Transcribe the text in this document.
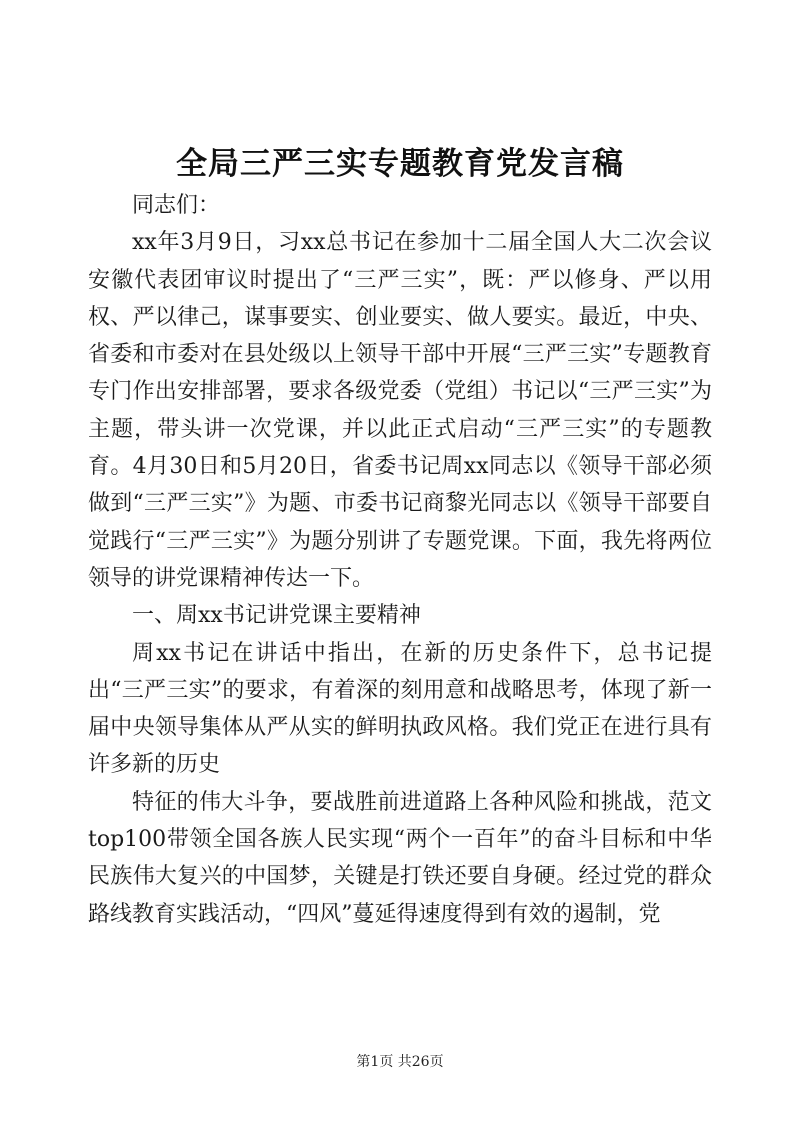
全局三严三实专题教育党发言稿

同志们：

xx年3月9日，习xx总书记在参加十二届全国人大二次会议安徽代表团审议时提出了“三严三实”，既：严以修身、严以用权、严以律己，谋事要实、创业要实、做人要实。最近，中央、省委和市委对在县处级以上领导干部中开展“三严三实”专题教育专门作出安排部署，要求各级党委（党组）书记以“三严三实”为主题，带头讲一次党课，并以此正式启动“三严三实”的专题教育。4月30日和5月20日，省委书记周xx同志以《领导干部必须做到“三严三实”》为题、市委书记商黎光同志以《领导干部要自觉践行“三严三实”》为题分别讲了专题党课。下面，我先将两位领导的讲党课精神传达一下。

一、周xx书记讲党课主要精神

周xx书记在讲话中指出，在新的历史条件下，总书记提出“三严三实”的要求，有着深的刻用意和战略思考，体现了新一届中央领导集体从严从实的鲜明执政风格。我们党正在进行具有许多新的历史

特征的伟大斗争，要战胜前进道路上各种风险和挑战，范文top100带领全国各族人民实现“两个一百年”的奋斗目标和中华民族伟大复兴的中国梦，关键是打铁还要自身硬。经过党的群众路线教育实践活动，“四风”蔓延得速度得到有效的遏制，党

第1页 共26页
